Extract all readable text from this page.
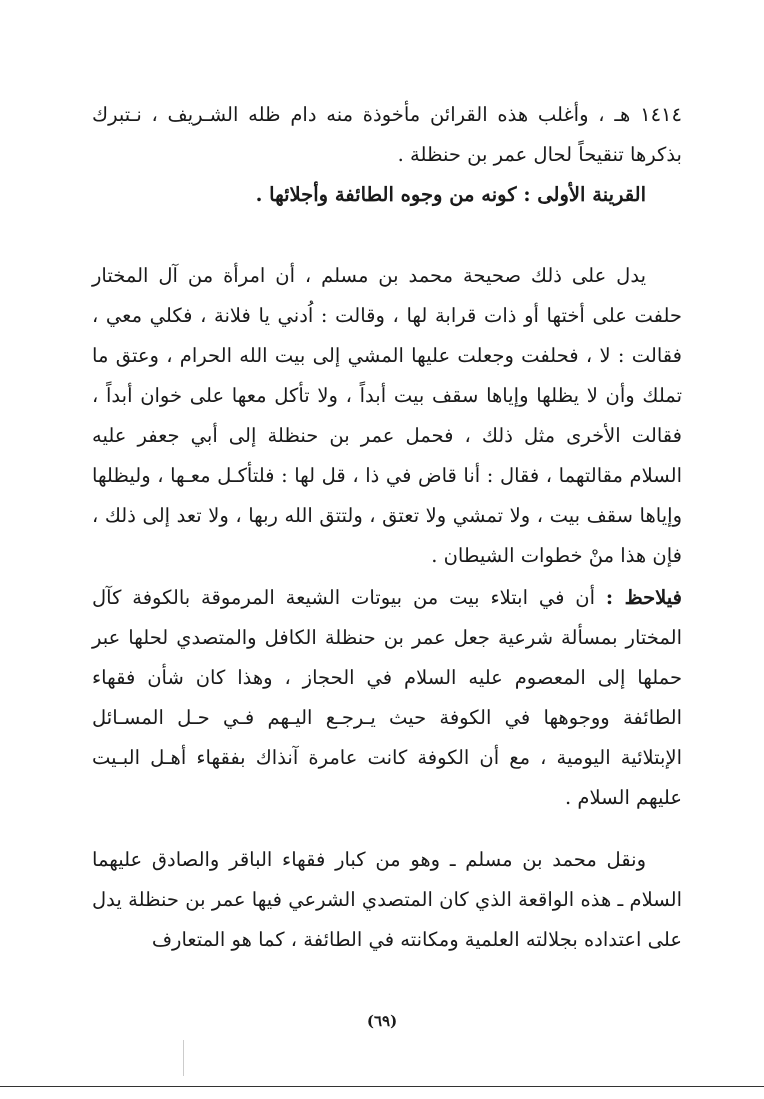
١٤١٤ هـ ، وأغلب هذه القرائن مأخوذة منه دام ظله الشـريف ، نـتبرك بذكرها تنقيحاً لحال عمر بن حنظلة .

القرينة الأولى : كونه من وجوه الطائفة وأجلائها .

يدل على ذلك صحيحة محمد بن مسلم ، أن امرأة من آل المختار حلفت على أختها أو ذات قرابة لها ، وقالت : اُدني يا فلانة ، فكلي معي ، فقالت : لا ، فحلفت وجعلت عليها المشي إلى بيت الله الحرام ، وعتق ما تملك وأن لا يظلها وإياها سقف بيت أبداً ، ولا تأكل معها على خوان أبداً ، فقالت الأخرى مثل ذلك ، فحمل عمر بن حنظلة إلى أبي جعفر عليه السلام مقالتهما ، فقال : أنا قاض في ذا ، قل لها : فلتأكـل معـها ، وليظلها وإياها سقف بيت ، ولا تمشي ولا تعتق ، ولتتق الله ربها ، ولا تعد إلى ذلك ، فإن هذا منْ خطوات الشيطان .

فيلاحظ : أن في ابتلاء بيت من بيوتات الشيعة المرموقة بالكوفة كآل المختار بمسألة شرعية جعل عمر بن حنظلة الكافل والمتصدي لحلها عبر حملها إلى المعصوم عليه السلام في الحجاز ، وهذا كان شأن فقهاء الطائفة ووجوهها في الكوفة حيث يـرجـع اليـهم فـي حـل المسـائل الإبتلائية اليومية ، مع أن الكوفة كانت عامرة آنذاك بفقهاء أهـل البـيت عليهم السلام .

ونقل محمد بن مسلم ـ وهو من كبار فقهاء الباقر والصادق عليهما السلام ـ هذه الواقعة الذي كان المتصدي الشرعي فيها عمر بن حنظلة يدل على اعتداده بجلالته العلمية ومكانته في الطائفة ، كما هو المتعارف

(٦٩)
